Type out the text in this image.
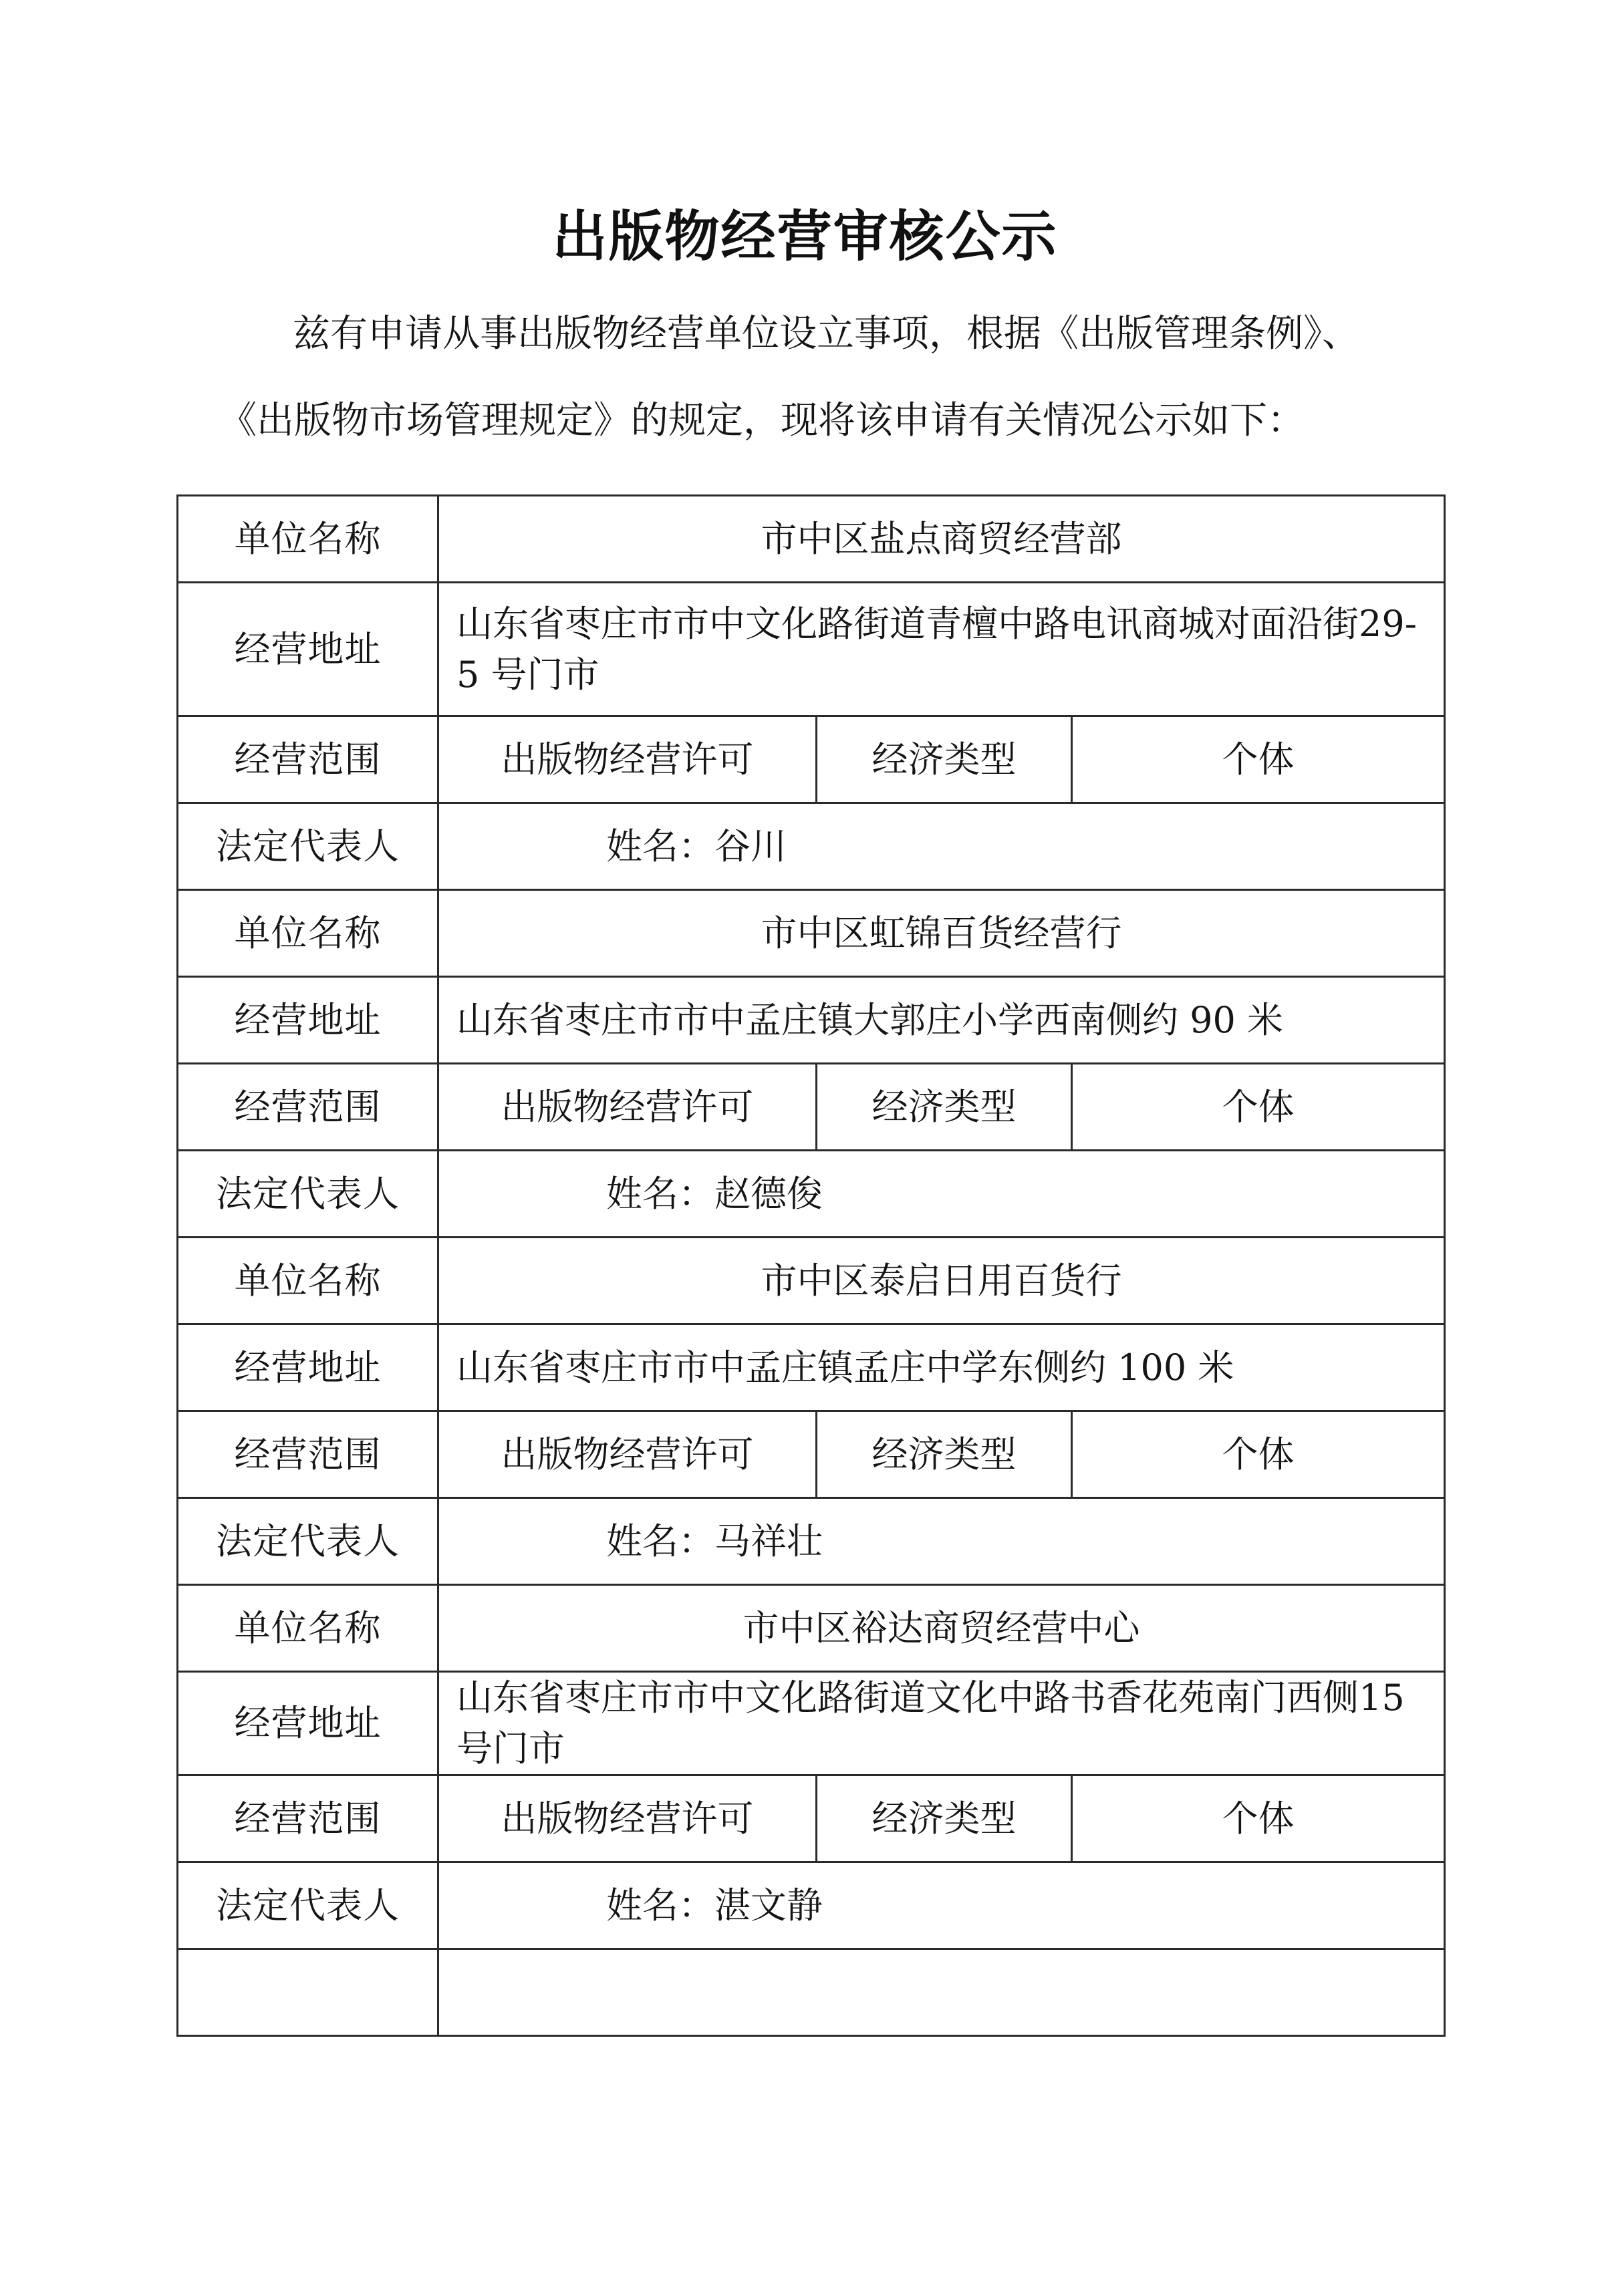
出版物经营审核公示
兹有申请从事出版物经营单位设立事项，根据《出版管理条例》、
《出版物市场管理规定》的规定，现将该申请有关情况公示如下：
单位名称	市中区盐点商贸经营部		
经营地址	山东省枣庄市市中文化路街道青檀中路电讯商城对面沿街29-5 号门市		
经营范围	出版物经营许可	经济类型	个体
法定代表人	姓名：谷川		
单位名称	市中区虹锦百货经营行		
经营地址	山东省枣庄市市中孟庄镇大郭庄小学西南侧约 90 米		
经营范围	出版物经营许可	经济类型	个体
法定代表人	姓名：赵德俊		
单位名称	市中区泰启日用百货行		
经营地址	山东省枣庄市市中孟庄镇孟庄中学东侧约 100 米		
经营范围	出版物经营许可	经济类型	个体
法定代表人	姓名：马祥壮		
单位名称	市中区裕达商贸经营中心		
经营地址	山东省枣庄市市中文化路街道文化中路书香花苑南门西侧15 号门市		
经营范围	出版物经营许可	经济类型	个体
法定代表人	姓名：湛文静		
